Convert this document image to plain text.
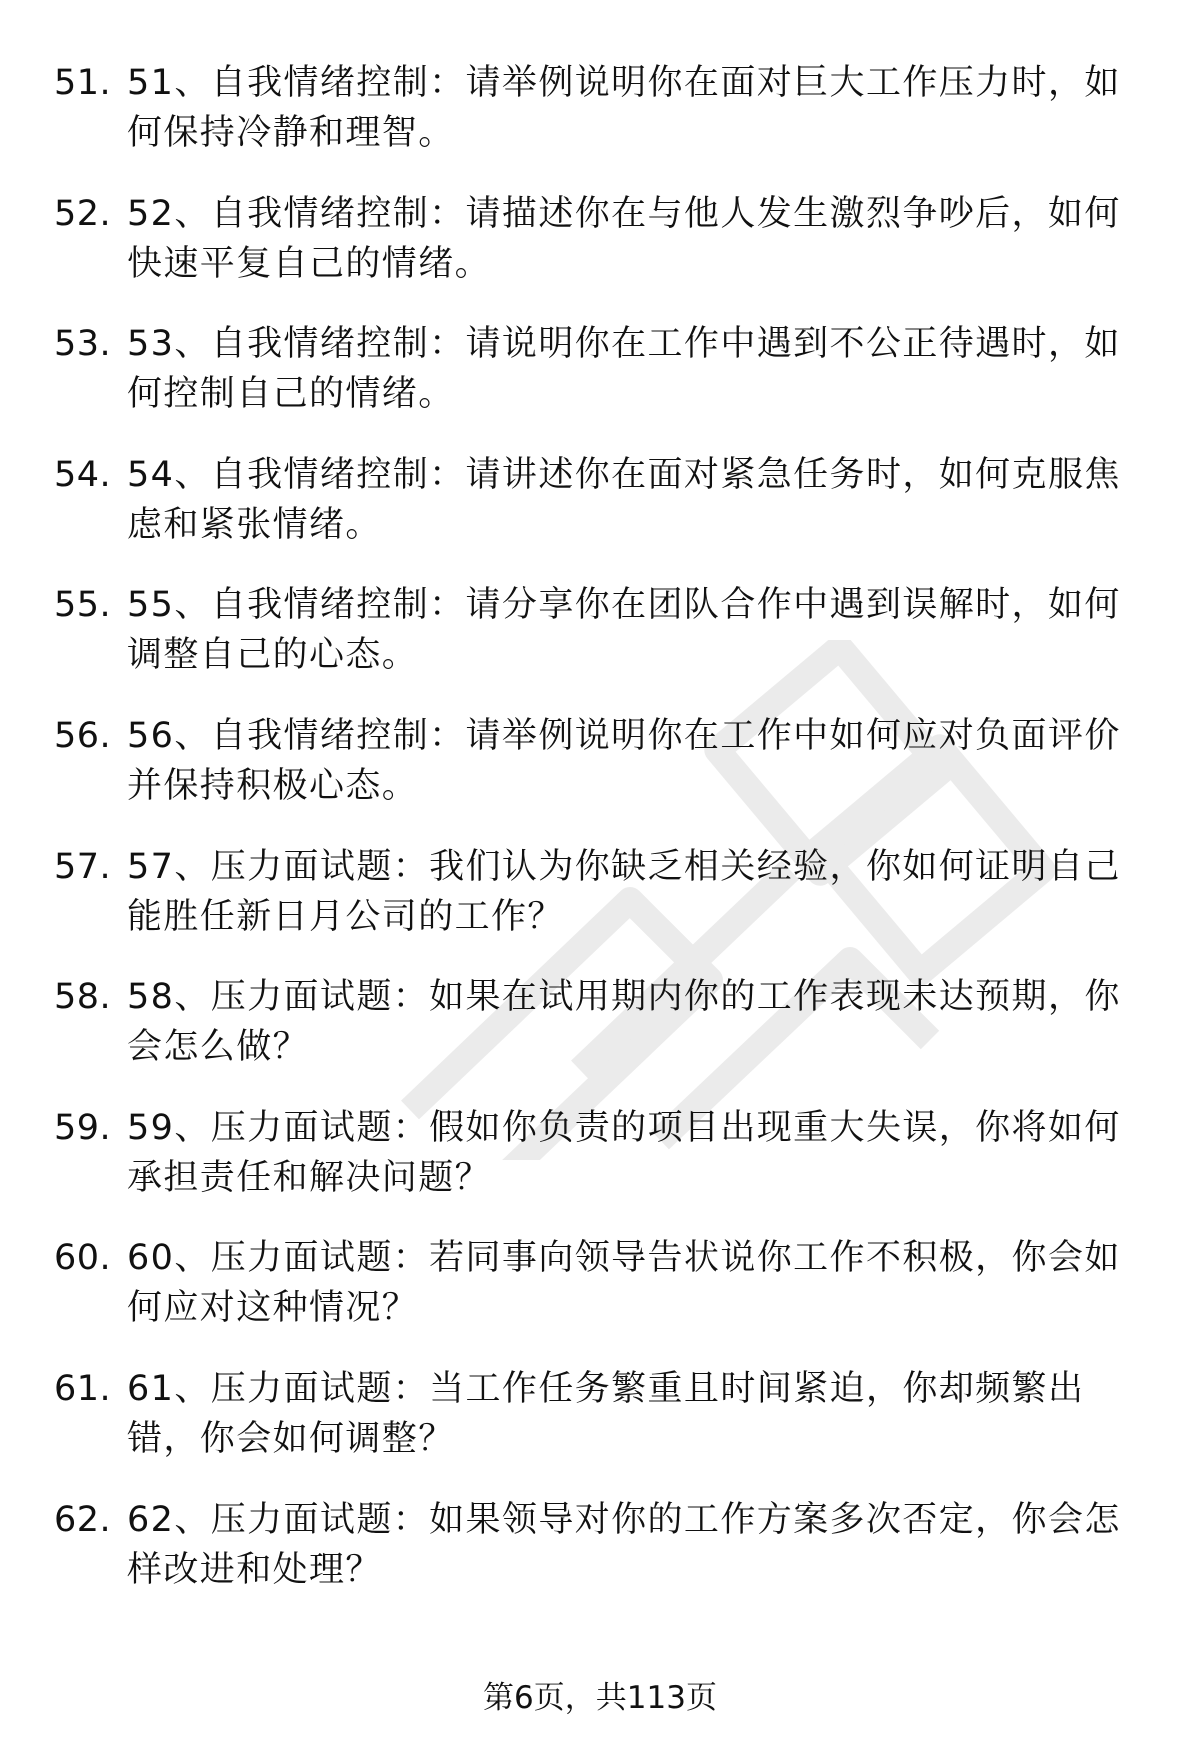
51. 51、自我情绪控制：请举例说明你在面对巨大工作压力时，如何保持冷静和理智。
52. 52、自我情绪控制：请描述你在与他人发生激烈争吵后，如何快速平复自己的情绪。
53. 53、自我情绪控制：请说明你在工作中遇到不公正待遇时，如何控制自己的情绪。
54. 54、自我情绪控制：请讲述你在面对紧急任务时，如何克服焦虑和紧张情绪。
55. 55、自我情绪控制：请分享你在团队合作中遇到误解时，如何调整自己的心态。
56. 56、自我情绪控制：请举例说明你在工作中如何应对负面评价并保持积极心态。
57. 57、压力面试题：我们认为你缺乏相关经验，你如何证明自己能胜任新日月公司的工作？
58. 58、压力面试题：如果在试用期内你的工作表现未达预期，你会怎么做？
59. 59、压力面试题：假如你负责的项目出现重大失误，你将如何承担责任和解决问题？
60. 60、压力面试题：若同事向领导告状说你工作不积极，你会如何应对这种情况？
61. 61、压力面试题：当工作任务繁重且时间紧迫，你却频繁出错，你会如何调整？
62. 62、压力面试题：如果领导对你的工作方案多次否定，你会怎样改进和处理？
第6页，共113页
